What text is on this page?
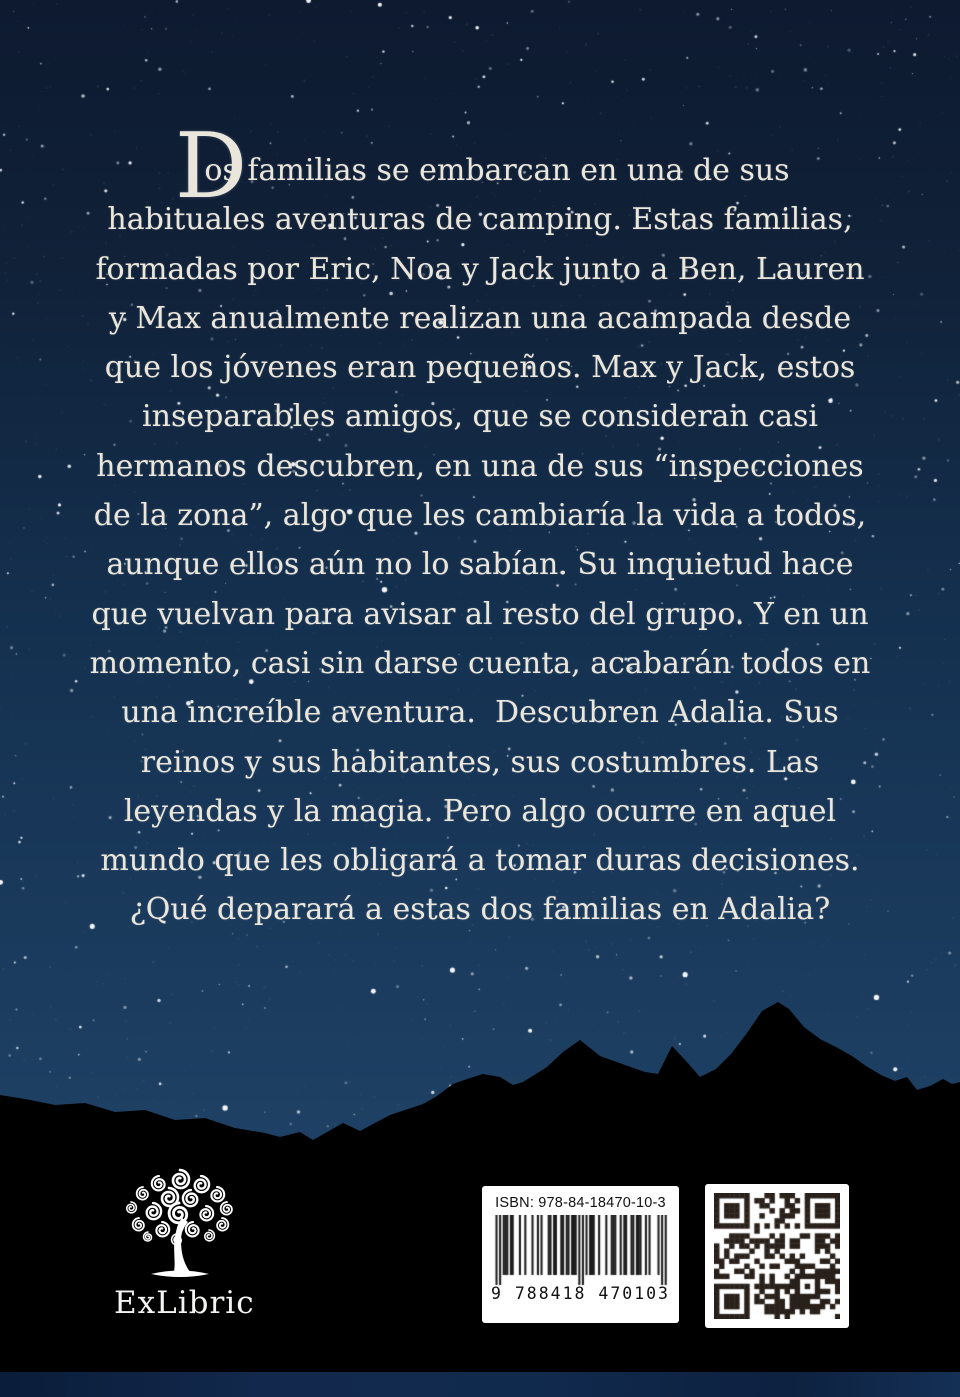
D
os familias se embarcan en una de sus
habituales aventuras de camping. Estas familias,
formadas por Eric, Noa y Jack junto a Ben, Lauren
y Max anualmente realizan una acampada desde
que los jóvenes eran pequeños. Max y Jack, estos
inseparables amigos, que se consideran casi
hermanos descubren, en una de sus “inspecciones
de la zona”, algo que les cambiaría la vida a todos,
aunque ellos aún no lo sabían. Su inquietud hace
que vuelvan para avisar al resto del grupo. Y en un
momento, casi sin darse cuenta, acabarán todos en
una increíble aventura.  Descubren Adalia. Sus
reinos y sus habitantes, sus costumbres. Las
leyendas y la magia. Pero algo ocurre en aquel
mundo que les obligará a tomar duras decisiones.
¿Qué deparará a estas dos familias en Adalia?
ExLibric
ISBN: 978-84-18470-10-3
9 788418 470103
